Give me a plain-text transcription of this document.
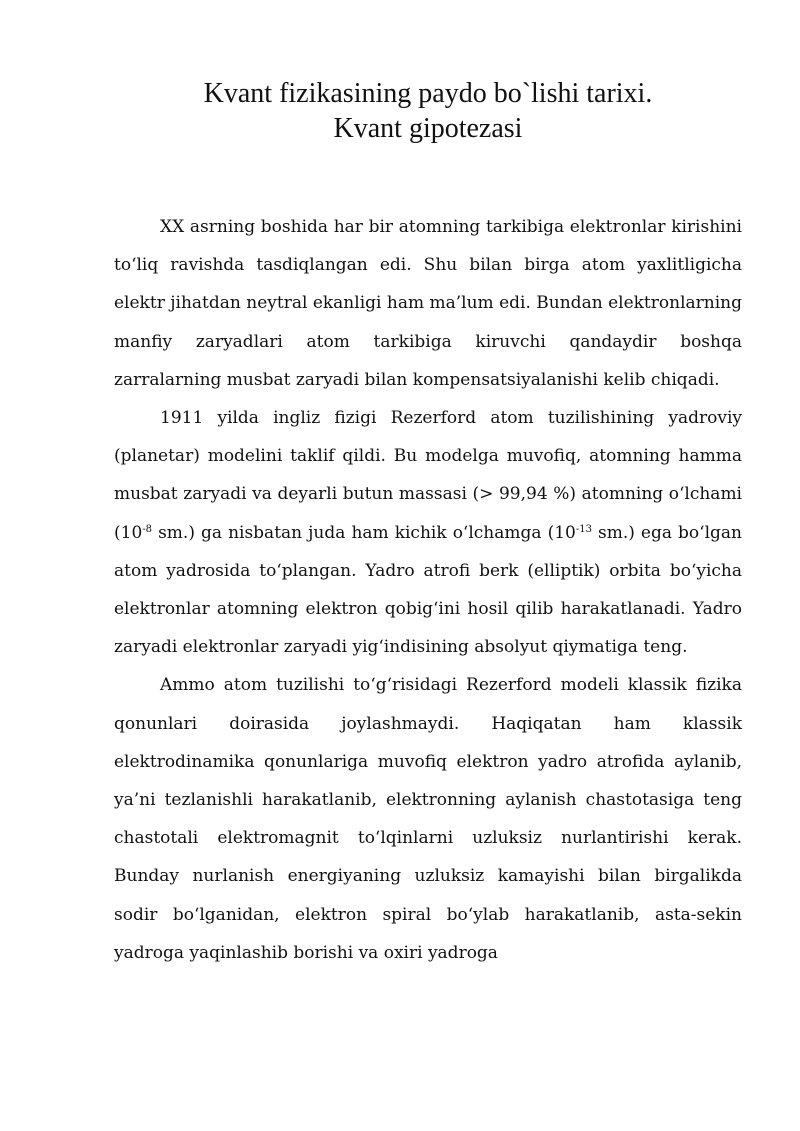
Kvant fizikasining paydo bo`lishi tarixi.
Kvant gipotezasi

XX asrning boshida har bir atomning tarkibiga elektronlar kirishini to‘liq ravishda tasdiqlangan edi. Shu bilan birga atom yaxlitligicha elektr jihatdan neytral ekanligi ham ma’lum edi. Bundan elektronlarning manfiy zaryadlari atom tarkibiga kiruvchi qandaydir boshqa zarralarning musbat zaryadi bilan kompensatsiyalanishi kelib chiqadi.

1911 yilda ingliz fizigi Rezerford atom tuzilishining yadroviy (planetar) modelini taklif qildi. Bu modelga muvofiq, atomning hamma musbat zaryadi va deyarli butun massasi (> 99,94 %) atomning o‘lchami ($10^{-8}$ sm.) ga nisbatan juda ham kichik o‘lchamga ($10^{-13}$ sm.) ega bo‘lgan atom yadrosida to‘plangan. Yadro atrofi berk (elliptik) orbita bo‘yicha elektronlar atomning elektron qobig‘ini hosil qilib harakatlanadi. Yadro zaryadi elektronlar zaryadi yig‘indisining absolyut qiymatiga teng.

Ammo atom tuzilishi to‘g‘risidagi Rezerford modeli klassik fizika qonunlari doirasida joylashmaydi. Haqiqatan ham klassik elektrodinamika qonunlariga muvofiq elektron yadro atrofida aylanib, ya’ni tezlanishli harakatlanib, elektronning aylanish chastotasiga teng chastotali elektromagnit to‘lqinlarni uzluksiz nurlantirishi kerak. Bunday nurlanish energiyaning uzluksiz kamayishi bilan birgalikda sodir bo‘lganidan, elektron spiral bo‘ylab harakatlanib, asta-sekin yadroga yaqinlashib borishi va oxiri yadroga
